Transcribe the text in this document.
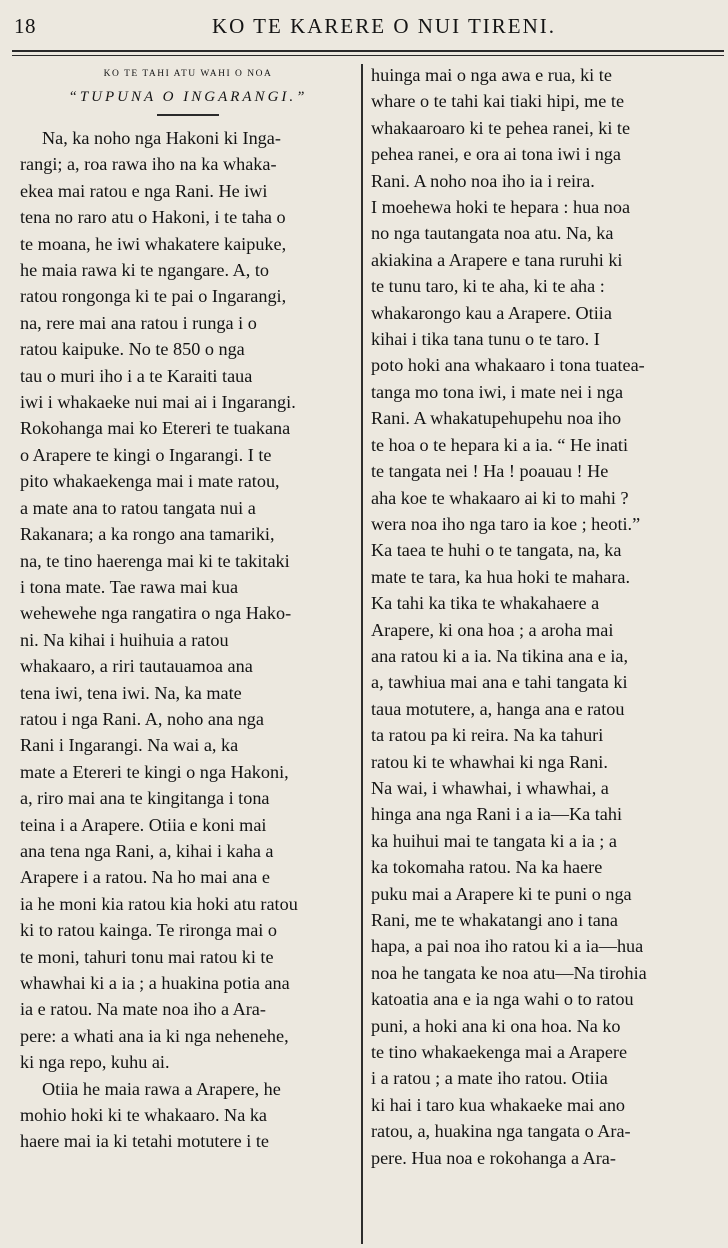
18	KO TE KARERE O NUI TIRENI.
KO TE TAHI ATU WAHI O NOA
“TUPUNA O INGARANGI.”
Na, ka noho nga Hakoni ki Inga-
rangi; a, roa rawa iho na ka whaka-
ekea mai ratou e nga Rani. He iwi
tena no raro atu o Hakoni, i te taha o
te moana, he iwi whakatere kaipuke,
he maia rawa ki te ngangare. A, to
ratou rongonga ki te pai o Ingarangi,
na, rere mai ana ratou i runga i o
ratou kaipuke. No te 850 o nga
tau o muri iho i a te Karaiti taua
iwi i whakaeke nui mai ai i Ingarangi.
Rokohanga mai ko Etereri te tuakana
o Arapere te kingi o Ingarangi. I te
pito whakaekenga mai i mate ratou,
a mate ana to ratou tangata nui a
Rakanara; a ka rongo ana tamariki,
na, te tino haerenga mai ki te takitaki
i tona mate. Tae rawa mai kua
wehewehe nga rangatira o nga Hako-
ni. Na kihai i huihuia a ratou
whakaaro, a riri tautauamoa ana
tena iwi, tena iwi. Na, ka mate
ratou i nga Rani. A, noho ana nga
Rani i Ingarangi. Na wai a, ka
mate a Etereri te kingi o nga Hakoni,
a, riro mai ana te kingitanga i tona
teina i a Arapere. Otiia e koni mai
ana tena nga Rani, a, kihai i kaha a
Arapere i a ratou. Na ho mai ana e
ia he moni kia ratou kia hoki atu ratou
ki to ratou kainga. Te rironga mai o
te moni, tahuri tonu mai ratou ki te
whawhai ki a ia ; a huakina potia ana
ia e ratou. Na mate noa iho a Ara-
pere: a whati ana ia ki nga nehenehe,
ki nga repo, kuhu ai.
Otiia he maia rawa a Arapere, he
mohio hoki ki te whakaaro. Na ka
haere mai ia ki tetahi motutere i te
huinga mai o nga awa e rua, ki te
whare o te tahi kai tiaki hipi, me te
whakaaroaro ki te pehea ranei, ki te
pehea ranei, e ora ai tona iwi i nga
Rani. A noho noa iho ia i reira.
I moehewa hoki te hepara : hua noa
no nga tautangata noa atu. Na, ka
akiakina a Arapere e tana ruruhi ki
te tunu taro, ki te aha, ki te aha :
whakarongo kau a Arapere. Otiia
kihai i tika tana tunu o te taro. I
poto hoki ana whakaaro i tona tuatea-
tanga mo tona iwi, i mate nei i nga
Rani. A whakatupehupehu noa iho
te hoa o te hepara ki a ia. “ He inati
te tangata nei ! Ha ! poauau ! He
aha koe te whakaaro ai ki to mahi ?
wera noa iho nga taro ia koe ; heoti.”
Ka taea te huhi o te tangata, na, ka
mate te tara, ka hua hoki te mahara.
Ka tahi ka tika te whakahaere a
Arapere, ki ona hoa ; a aroha mai
ana ratou ki a ia. Na tikina ana e ia,
a, tawhiua mai ana e tahi tangata ki
taua motutere, a, hanga ana e ratou
ta ratou pa ki reira. Na ka tahuri
ratou ki te whawhai ki nga Rani.
Na wai, i whawhai, i whawhai, a
hinga ana nga Rani i a ia—Ka tahi
ka huihui mai te tangata ki a ia ; a
ka tokomaha ratou. Na ka haere
puku mai a Arapere ki te puni o nga
Rani, me te whakatangi ano i tana
hapa, a pai noa iho ratou ki a ia—hua
noa he tangata ke noa atu—Na tirohia
katoatia ana e ia nga wahi o to ratou
puni, a hoki ana ki ona hoa. Na ko
te tino whakaekenga mai a Arapere
i a ratou ; a mate iho ratou. Otiia
ki hai i taro kua whakaeke mai ano
ratou, a, huakina nga tangata o Ara-
pere. Hua noa e rokohanga a Ara-
